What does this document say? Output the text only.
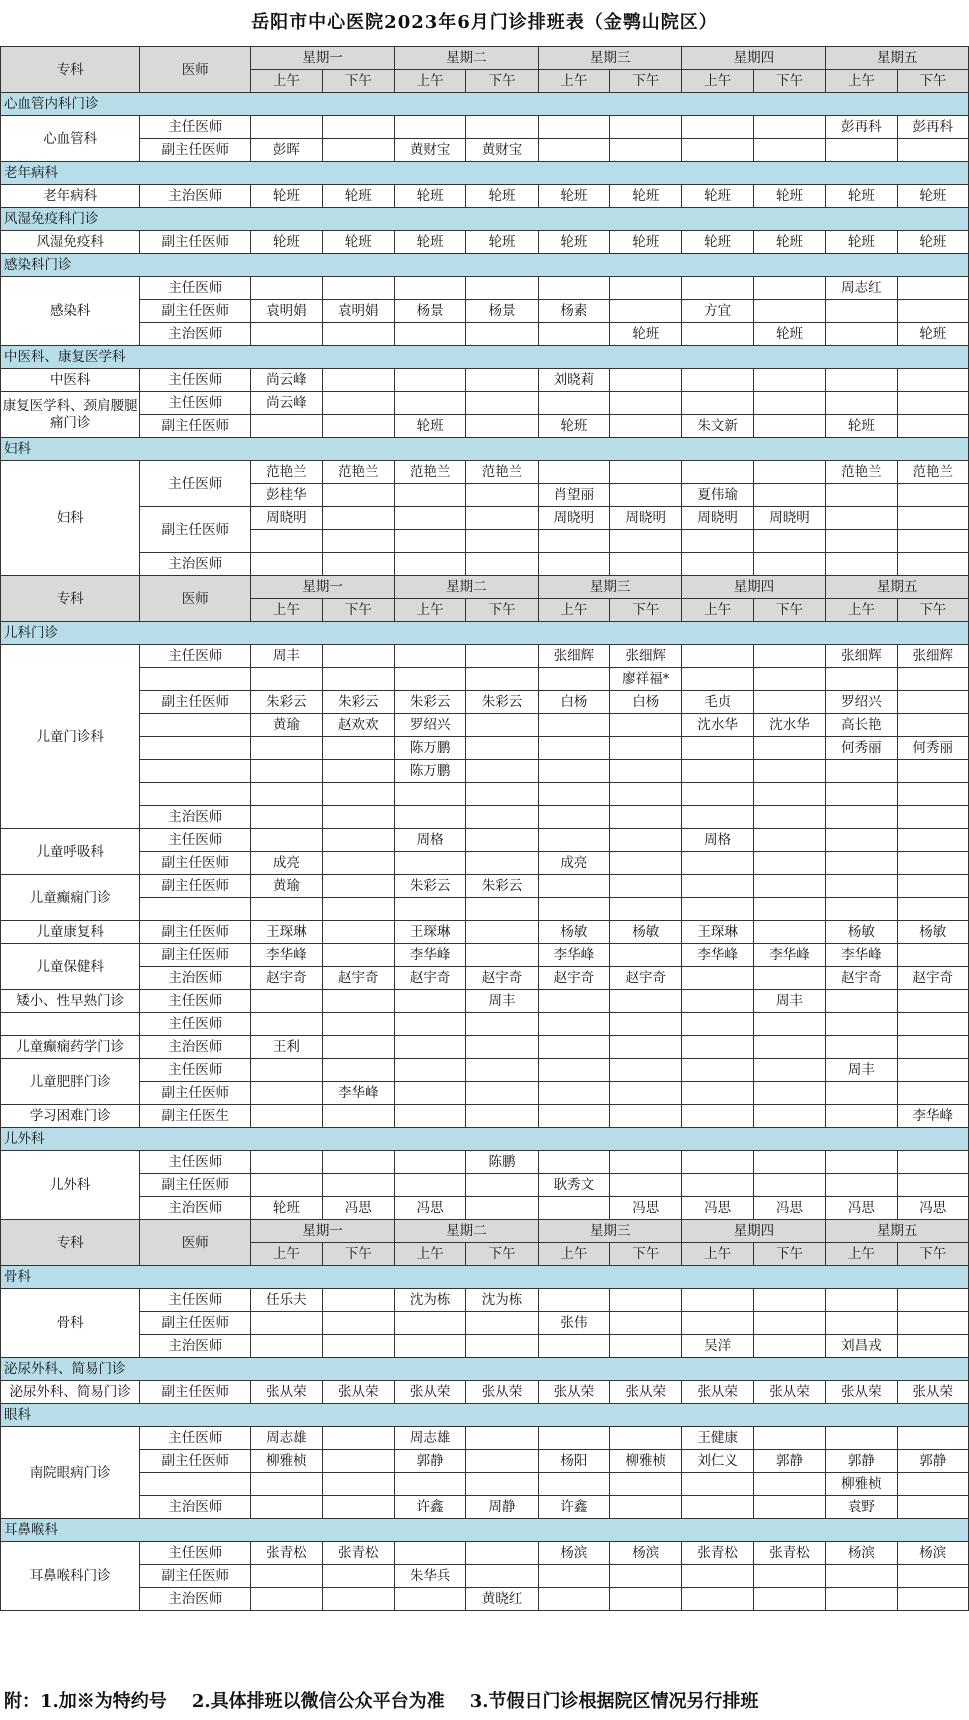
岳阳市中心医院2023年6月门诊排班表（金鹗山院区）
专科	医师	星期一		星期二		星期三		星期四		星期五	
		上午	下午	上午	下午	上午	下午	上午	下午	上午	下午
心血管内科门诊											
心血管科	主任医师									彭再科	彭再科
	副主任医师	彭晖		黄财宝	黄财宝						
老年病科											
老年病科	主治医师	轮班	轮班	轮班	轮班	轮班	轮班	轮班	轮班	轮班	轮班
风湿免疫科门诊											
风湿免疫科	副主任医师	轮班	轮班	轮班	轮班	轮班	轮班	轮班	轮班	轮班	轮班
感染科门诊											
感染科	主任医师									周志红	
	副主任医师	袁明娟	袁明娟	杨景	杨景	杨素		方宜			
	主治医师						轮班		轮班		轮班
中医科、康复医学科											
中医科	主任医师	尚云峰				刘晓莉					
康复医学科、颈肩腰腿痛门诊	主任医师	尚云峰									
	副主任医师			轮班		轮班		朱文新		轮班	
妇科											
妇科	主任医师	范艳兰	范艳兰	范艳兰	范艳兰					范艳兰	范艳兰
		彭桂华				肖望丽		夏伟瑜			
	副主任医师	周晓明				周晓明	周晓明	周晓明	周晓明		

	主治医师										
专科	医师	星期一		星期二		星期三		星期四		星期五	
		上午	下午	上午	下午	上午	下午	上午	下午	上午	下午
儿科门诊											
儿童门诊科	主任医师	周丰				张细辉	张细辉			张细辉	张细辉
							廖祥福*				
	副主任医师	朱彩云	朱彩云	朱彩云	朱彩云	白杨	白杨	毛贞		罗绍兴	
		黄瑜	赵欢欢	罗绍兴				沈水华	沈水华	高长艳	
				陈万鹏						何秀丽	何秀丽
				陈万鹏							

	主治医师										
儿童呼吸科	主任医师			周格				周格			
	副主任医师	成亮				成亮					
儿童癫痫门诊	副主任医师	黄瑜		朱彩云	朱彩云						

儿童康复科	副主任医师	王琛琳		王琛琳		杨敏	杨敏	王琛琳		杨敏	杨敏
儿童保健科	副主任医师	李华峰		李华峰		李华峰		李华峰	李华峰	李华峰	
	主治医师	赵宇奇	赵宇奇	赵宇奇	赵宇奇	赵宇奇	赵宇奇			赵宇奇	赵宇奇
矮小、性早熟门诊	主任医师				周丰				周丰		
	主任医师										
儿童癫痫药学门诊	主治医师	王利									
儿童肥胖门诊	主任医师									周丰	
	副主任医师		李华峰								
学习困难门诊	副主任医生										李华峰
儿外科											
儿外科	主任医师				陈鹏						
	副主任医师					耿秀文					
	主治医师	轮班	冯思	冯思			冯思	冯思	冯思	冯思	冯思
专科	医师	星期一		星期二		星期三		星期四		星期五	
		上午	下午	上午	下午	上午	下午	上午	下午	上午	下午
骨科											
骨科	主任医师	任乐夫		沈为栋	沈为栋						
	副主任医师					张伟					
	主治医师							吴洋		刘昌戎	
泌尿外科、简易门诊											
泌尿外科、简易门诊	副主任医师	张从荣	张从荣	张从荣	张从荣	张从荣	张从荣	张从荣	张从荣	张从荣	张从荣
眼科											
南院眼病门诊	主任医师	周志雄		周志雄				王健康			
	副主任医师	柳雅桢		郭静		杨阳	柳雅桢	刘仁义	郭静	郭静	郭静
										柳雅桢	
	主治医师			许鑫	周静	许鑫				袁野	
耳鼻喉科											
耳鼻喉科门诊	主任医师	张青松	张青松			杨滨	杨滨	张青松	张青松	杨滨	杨滨
	副主任医师			朱华兵							
	主治医师				黄晓红						
附：1.加※为特约号    2.具体排班以微信公众平台为准    3.节假日门诊根据院区情况另行排班
